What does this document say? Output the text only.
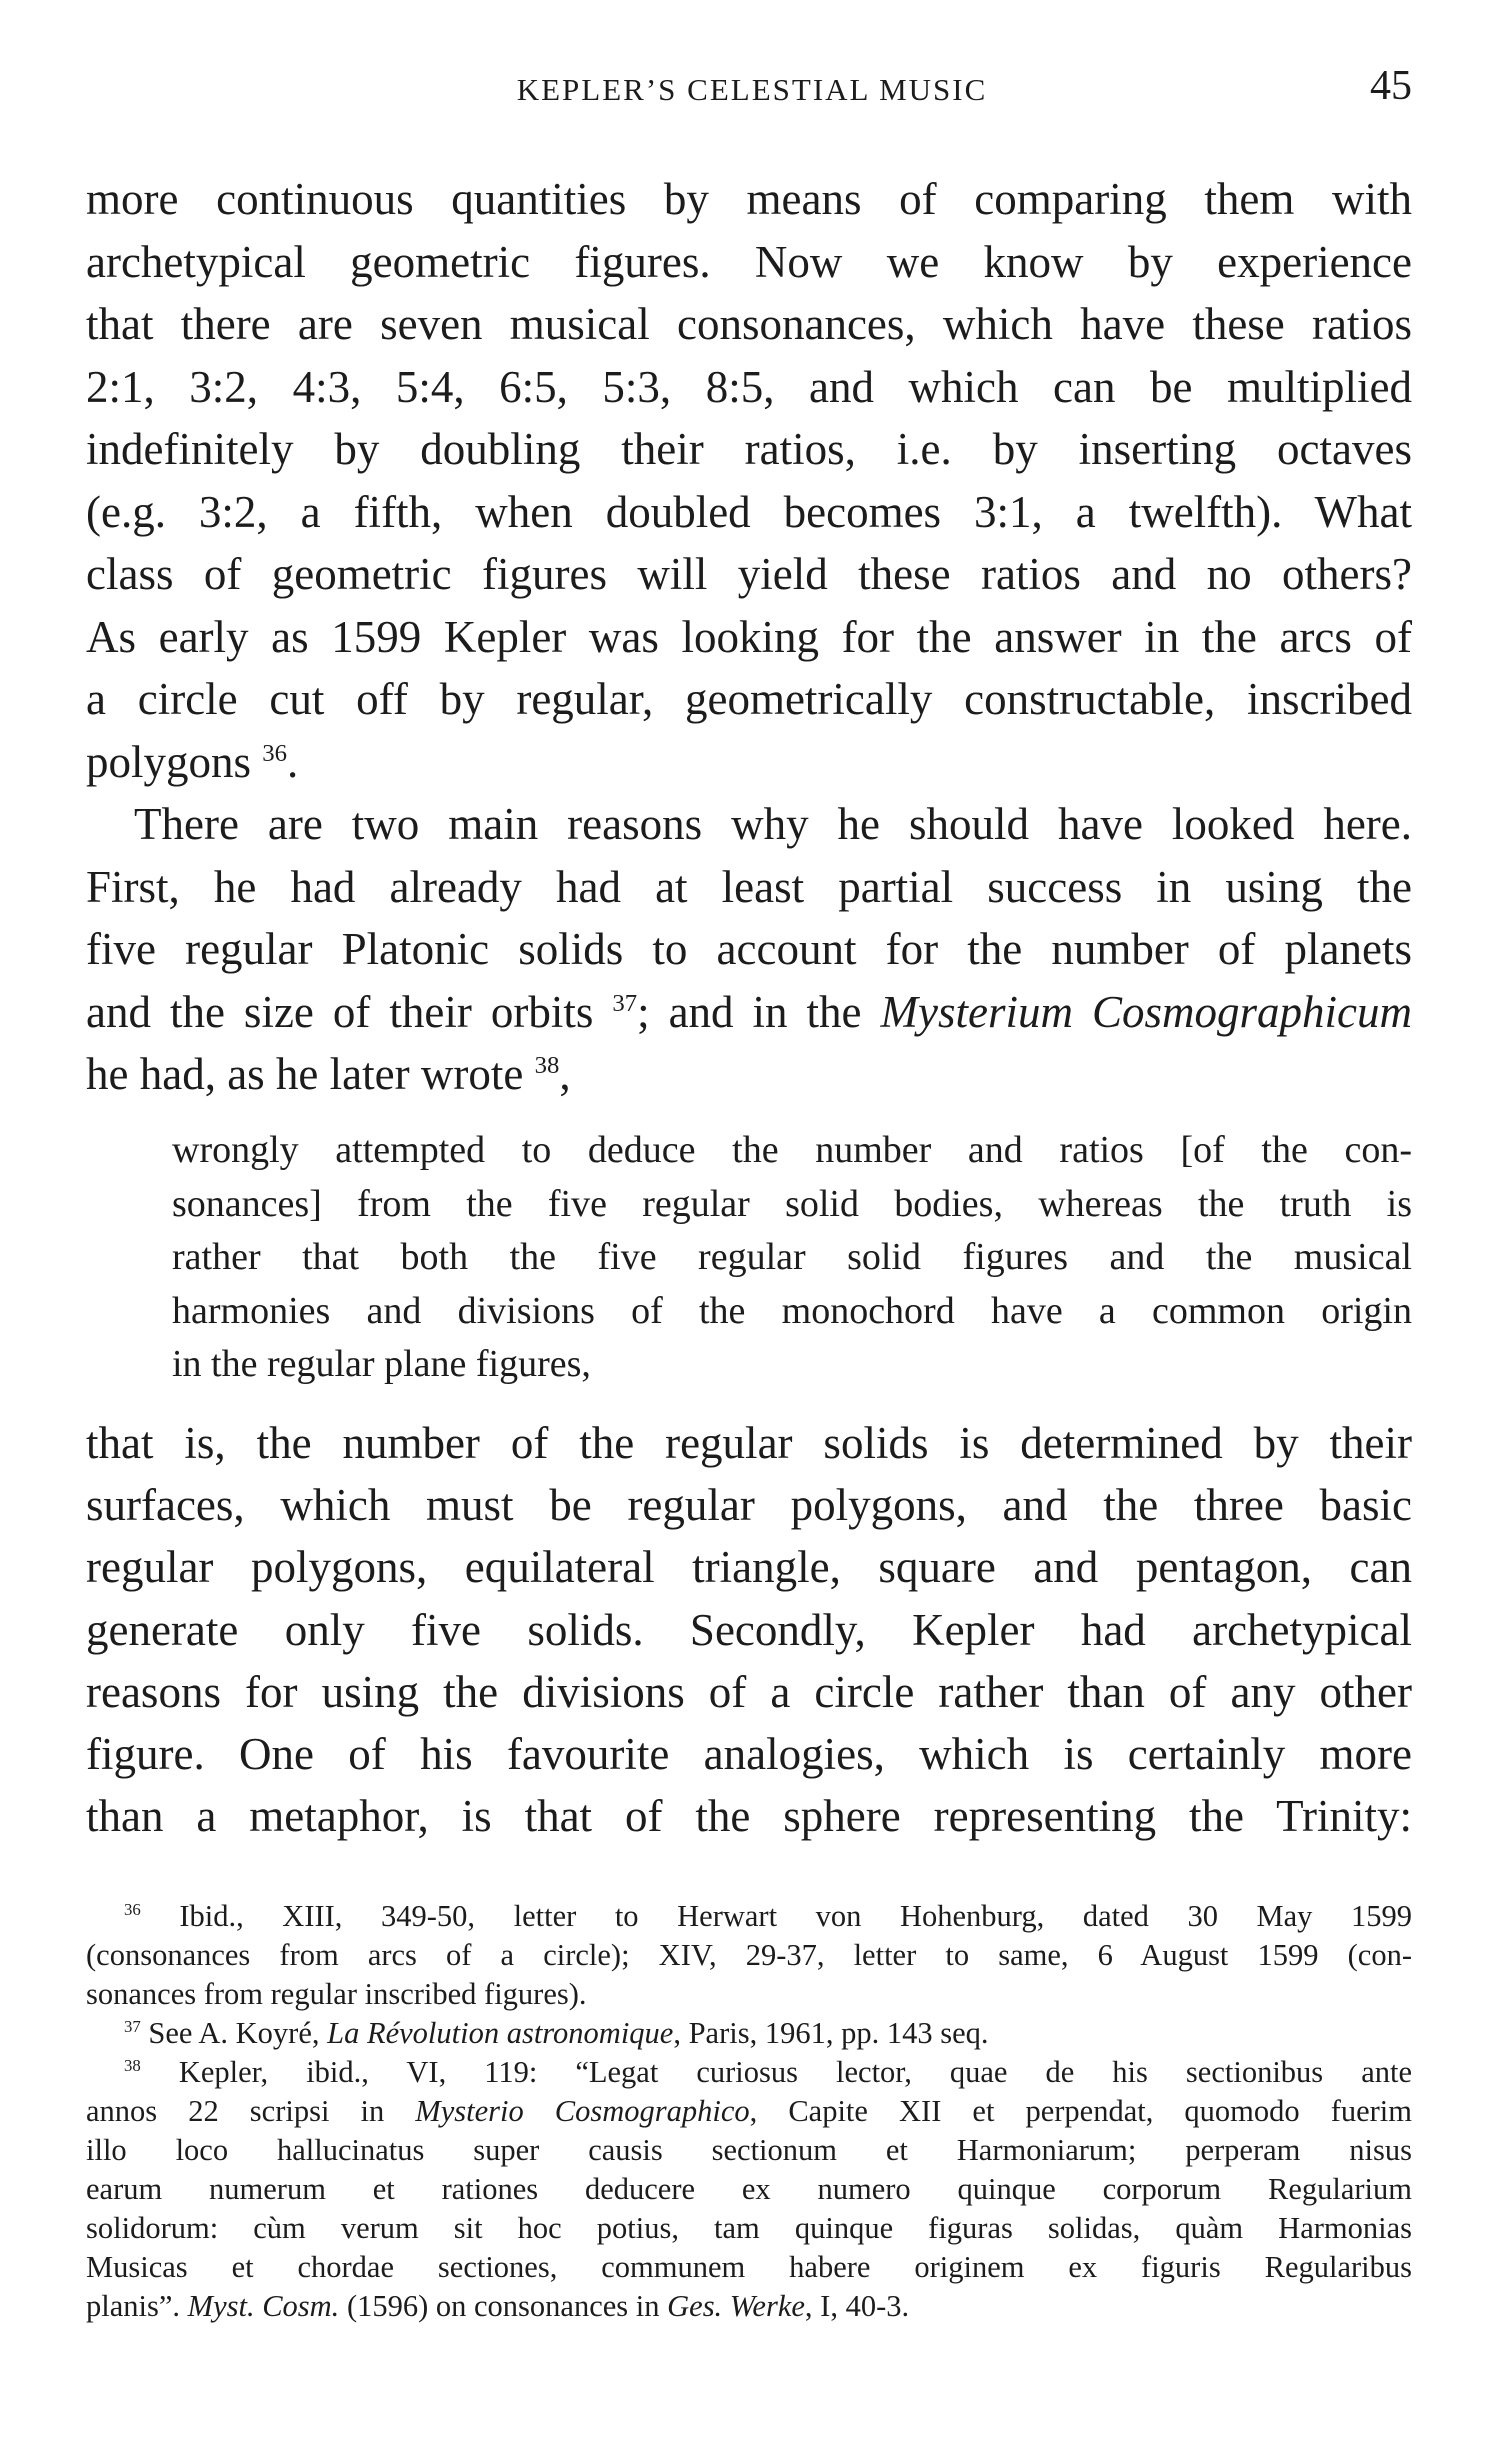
KEPLER’S CELESTIAL MUSIC	45
more continuous quantities by means of comparing them with
archetypical geometric figures. Now we know by experience
that there are seven musical consonances, which have these ratios
2:1, 3:2, 4:3, 5:4, 6:5, 5:3, 8:5, and which can be multiplied
indefinitely by doubling their ratios, i.e. by inserting octaves
(e.g. 3:2, a fifth, when doubled becomes 3:1, a twelfth). What
class of geometric figures will yield these ratios and no others?
As early as 1599 Kepler was looking for the answer in the arcs of
a circle cut off by regular, geometrically constructable, inscribed
polygons $^{36}$.
There are two main reasons why he should have looked here.
First, he had already had at least partial success in using the
five regular Platonic solids to account for the number of planets
and the size of their orbits $^{37}$; and in the Mysterium Cosmographicum
he had, as he later wrote $^{38}$,
wrongly attempted to deduce the number and ratios [of the con-
sonances] from the five regular solid bodies, whereas the truth is
rather that both the five regular solid figures and the musical
harmonies and divisions of the monochord have a common origin
in the regular plane figures,
that is, the number of the regular solids is determined by their
surfaces, which must be regular polygons, and the three basic
regular polygons, equilateral triangle, square and pentagon, can
generate only five solids. Secondly, Kepler had archetypical
reasons for using the divisions of a circle rather than of any other
figure. One of his favourite analogies, which is certainly more
than a metaphor, is that of the sphere representing the Trinity:
$^{36}$ Ibid., XIII, 349-50, letter to Herwart von Hohenburg, dated 30 May 1599
(consonances from arcs of a circle); XIV, 29-37, letter to same, 6 August 1599 (con-
sonances from regular inscribed figures).
$^{37}$ See A. Koyré, La Révolution astronomique, Paris, 1961, pp. 143 seq.
$^{38}$ Kepler, ibid., VI, 119: “Legat curiosus lector, quae de his sectionibus ante
annos 22 scripsi in Mysterio Cosmographico, Capite XII et perpendat, quomodo fuerim
illo loco hallucinatus super causis sectionum et Harmoniarum; perperam nisus
earum numerum et rationes deducere ex numero quinque corporum Regularium
solidorum: cùm verum sit hoc potius, tam quinque figuras solidas, quàm Harmonias
Musicas et chordae sectiones, communem habere originem ex figuris Regularibus
planis”. Myst. Cosm. (1596) on consonances in Ges. Werke, I, 40-3.
